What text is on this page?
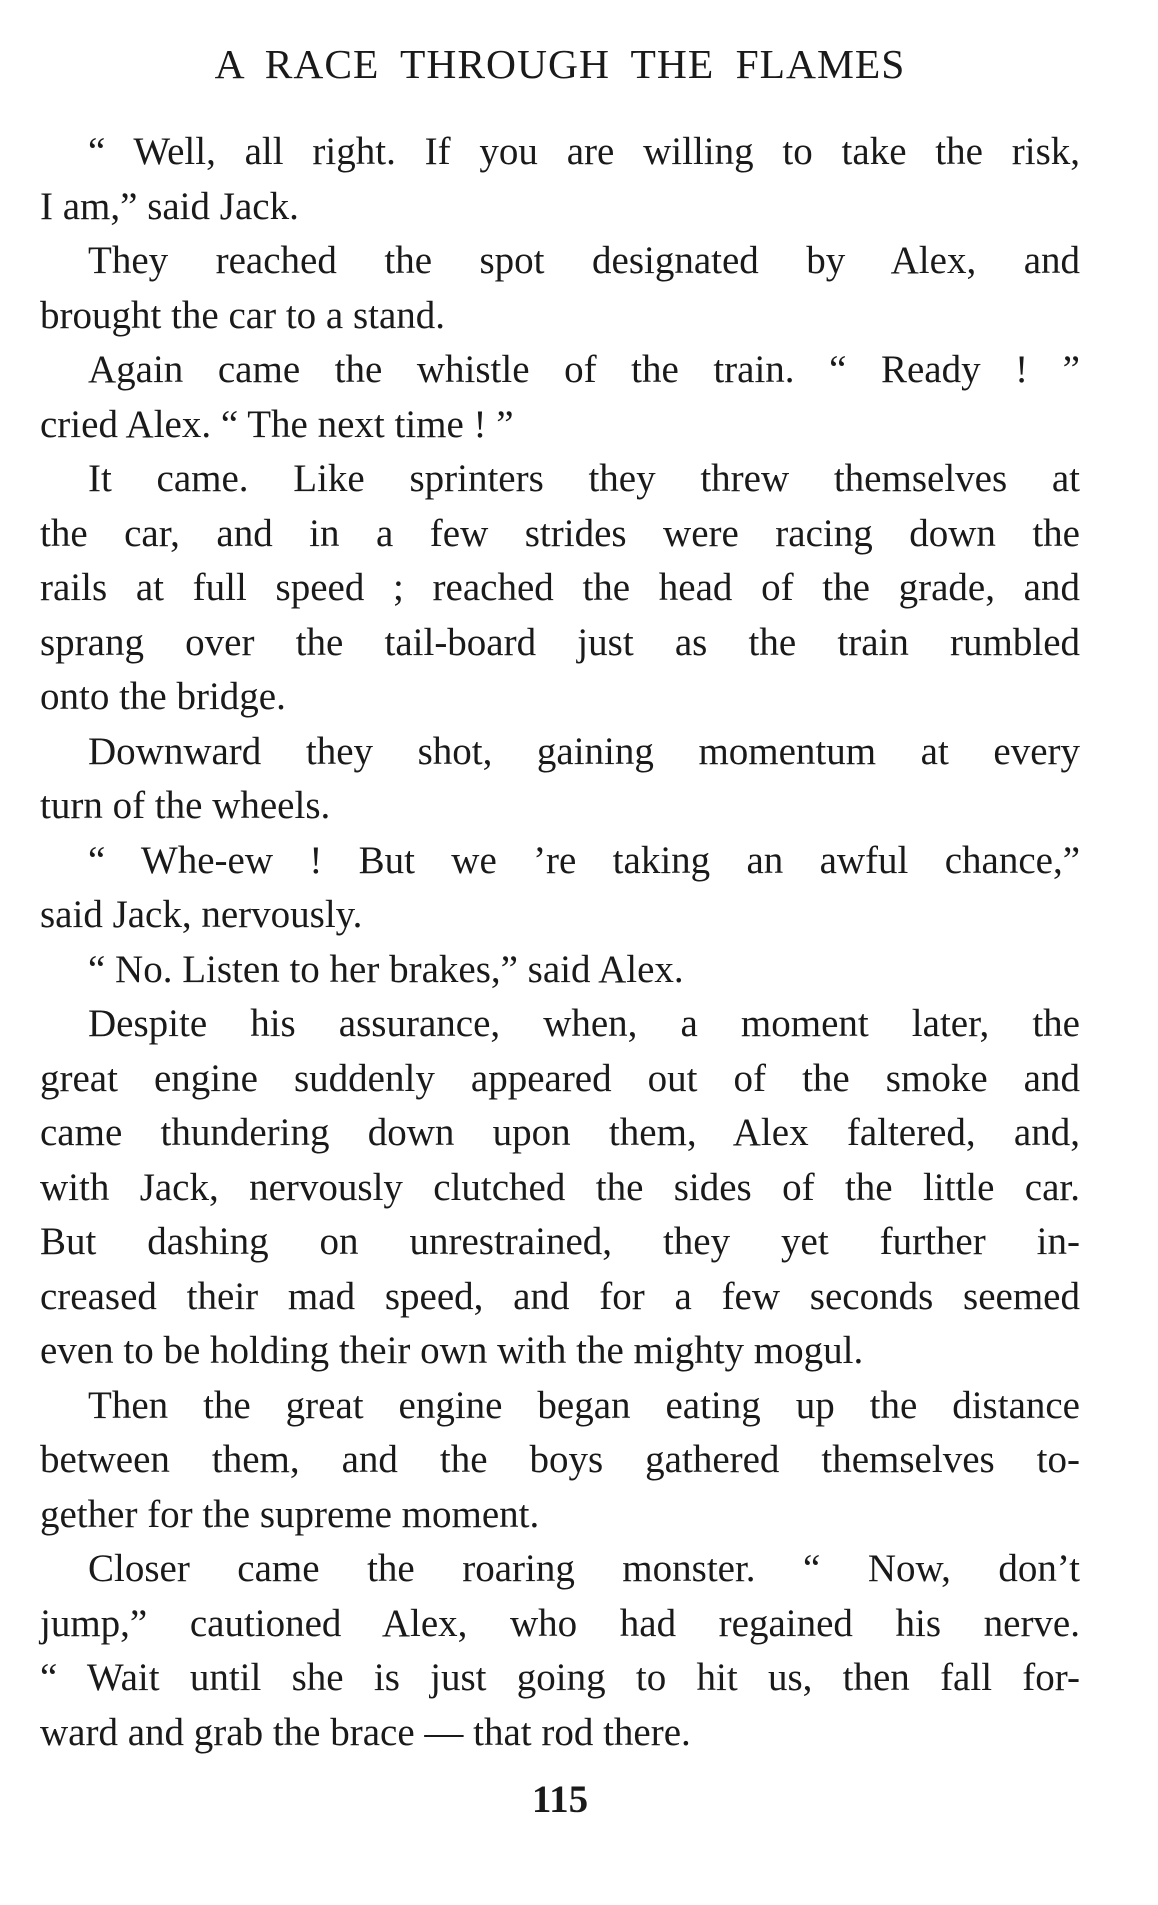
A RACE THROUGH THE FLAMES
“ Well, all right. If you are willing to take the risk,
I am,” said Jack.
They reached the spot designated by Alex, and
brought the car to a stand.
Again came the whistle of the train. “ Ready ! ”
cried Alex. “ The next time ! ”
It came. Like sprinters they threw themselves at
the car, and in a few strides were racing down the
rails at full speed ; reached the head of the grade, and
sprang over the tail-board just as the train rumbled
onto the bridge.
Downward they shot, gaining momentum at every
turn of the wheels.
“ Whe-ew ! But we ’re taking an awful chance,”
said Jack, nervously.
“ No. Listen to her brakes,” said Alex.
Despite his assurance, when, a moment later, the
great engine suddenly appeared out of the smoke and
came thundering down upon them, Alex faltered, and,
with Jack, nervously clutched the sides of the little car.
But dashing on unrestrained, they yet further in-
creased their mad speed, and for a few seconds seemed
even to be holding their own with the mighty mogul.
Then the great engine began eating up the distance
between them, and the boys gathered themselves to-
gether for the supreme moment.
Closer came the roaring monster. “ Now, don’t
jump,” cautioned Alex, who had regained his nerve.
“ Wait until she is just going to hit us, then fall for-
ward and grab the brace — that rod there.
115
